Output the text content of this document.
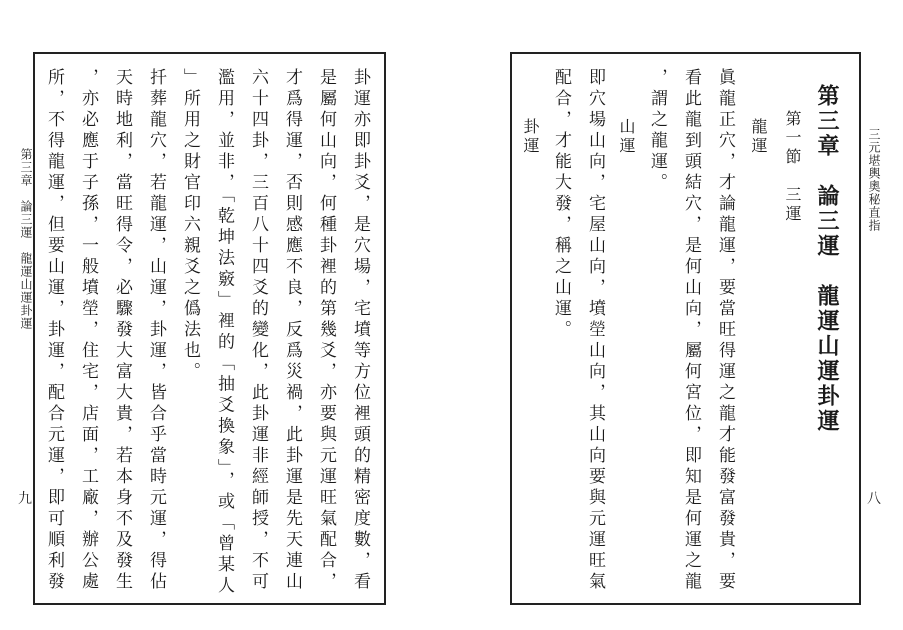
第三章　論三運　龍運山運卦運
九	卦運亦即卦爻，是穴場，宅墳等方位裡頭的精密度數，看
是屬何山向，何種卦裡的第幾爻，亦要與元運旺氣配合，
才爲得運，否則感應不良，反爲災禍，此卦運是先天連山
六十四卦，三百八十四爻的變化，此卦運非經師授，不可
濫用，並非，「乾坤法竅」裡的「抽爻換象」，或「曾某人
」所用之財官印六親爻之僞法也。
扦葬龍穴，若龍運，山運，卦運，皆合乎當時元運，得佔
天時地利，當旺得令，必驟發大富大貴，若本身不及發生
，亦必應于子孫，一般墳塋，住宅，店面，工廠，辦公處
所，不得龍運，但要山運，卦運，配合元運，即可順利發	第三章　論三運　龍運山運卦運
第一節　三運
龍運
眞龍正穴，才論龍運，要當旺得運之龍才能發富發貴，要
看此龍到頭結穴，是何山向，屬何宮位，即知是何運之龍
，謂之龍運。
山運
即穴場山向，宅屋山向，墳塋山向，其山向要與元運旺氣
配合，才能大發，稱之山運。
卦運	三元堪輿奧秘直指
八
